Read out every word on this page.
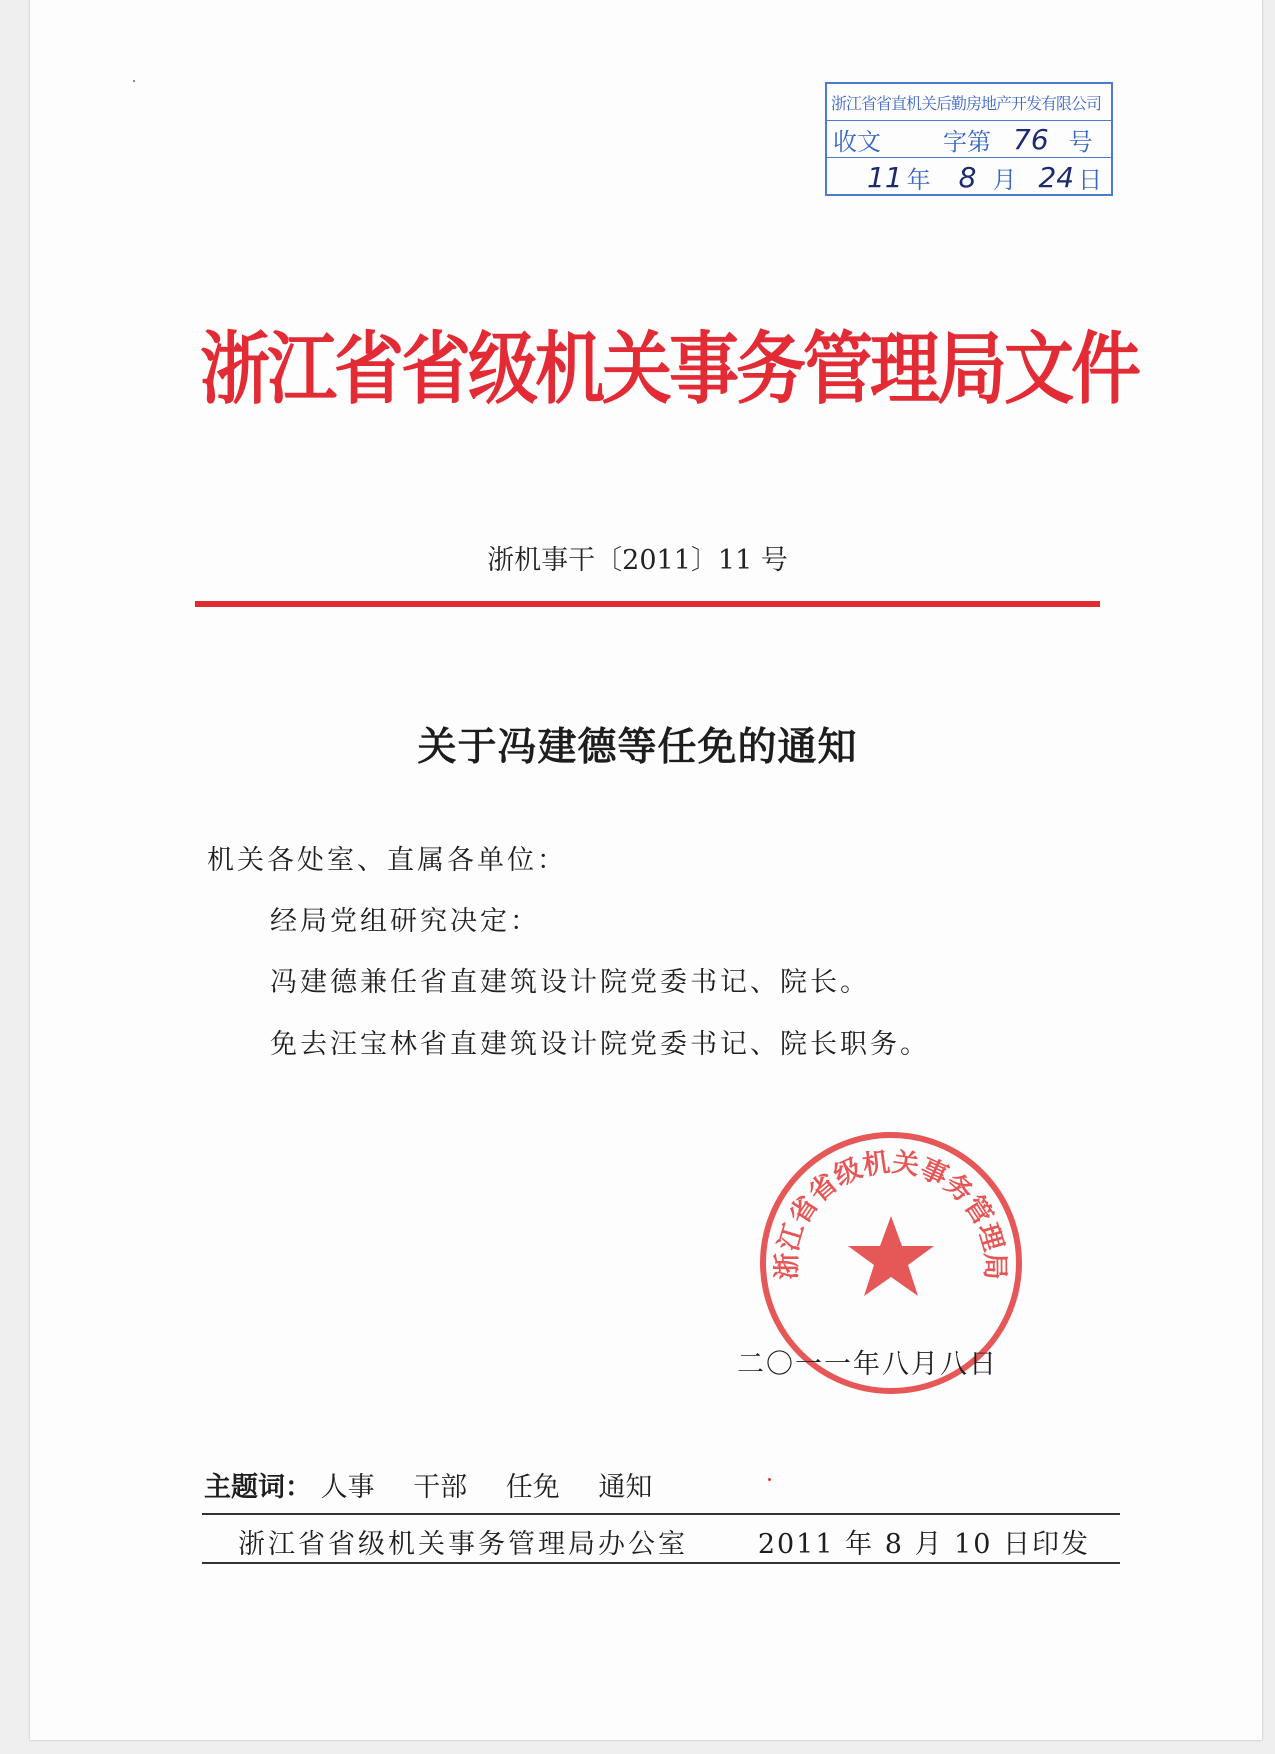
浙江省省直机关后勤房地产开发有限公司
收文	字第 76 号
11 年 8 月 24 日
浙江省省级机关事务管理局文件
浙机事干〔2011〕11 号
关于冯建德等任免的通知
机关各处室、直属各单位：
经局党组研究决定：
冯建德兼任省直建筑设计院党委书记、院长。
免去汪宝林省直建筑设计院党委书记、院长职务。
浙江省省级机关事务管理局
二〇一一年八月八日
主题词： 人事 干部 任免 通知
浙江省省级机关事务管理局办公室	2011 年 8 月 10 日印发
